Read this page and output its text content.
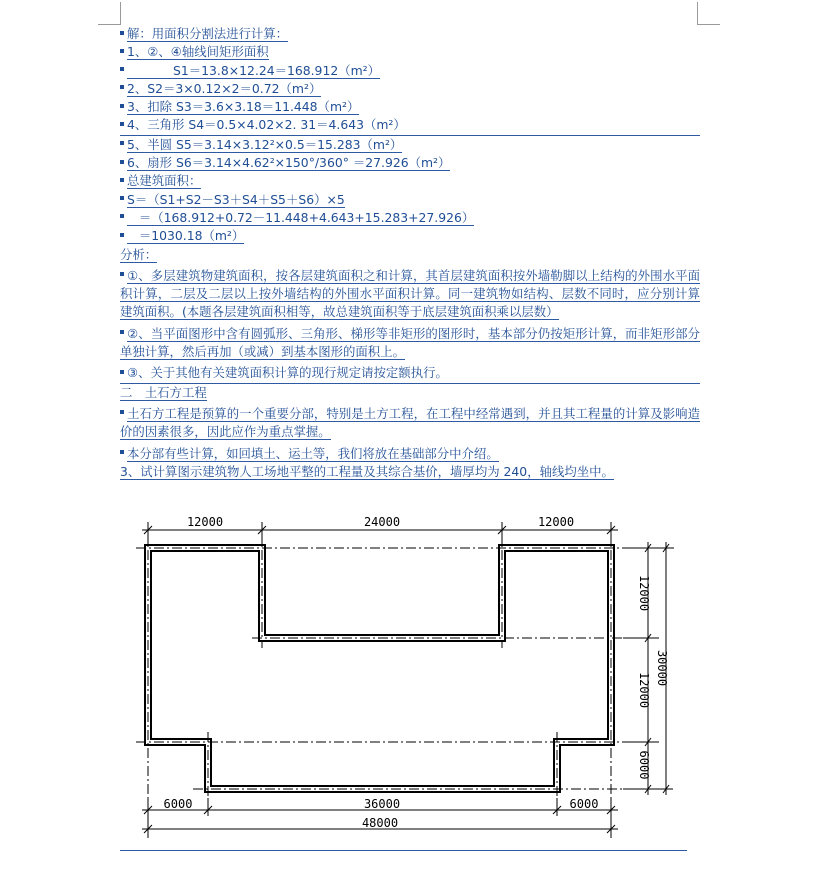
解：用面积分割法进行计算：
1、②、④轴线间矩形面积
S1＝13.8×12.24＝168.912（m²）
2、S2＝3×0.12×2＝0.72（m²）
3、扣除 S3＝3.6×3.18＝11.448（m²）
4、三角形 S4＝0.5×4.02×2. 31＝4.643（m²）
5、半圆 S5＝3.14×3.12²×0.5＝15.283（m²）
6、扇形 S6＝3.14×4.62²×150°/360° ＝27.926（m²）
总建筑面积：
S＝（S1+S2－S3＋S4＋S5＋S6）×5
＝（168.912+0.72－11.448+4.643+15.283+27.926）
＝1030.18（m²）
分析：
①、多层建筑物建筑面积，按各层建筑面积之和计算，其首层建筑面积按外墙勒脚以上结构的外围水平面积计算，二层及二层以上按外墙结构的外围水平面积计算。同一建筑物如结构、层数不同时，应分别计算建筑面积。(本题各层建筑面积相等，故总建筑面积等于底层建筑面积乘以层数）
②、当平面图形中含有圆弧形、三角形、梯形等非矩形的图形时，基本部分仍按矩形计算，而非矩形部分单独计算，然后再加（或减）到基本图形的面积上。
③、关于其他有关建筑面积计算的现行规定请按定额执行。
二　土石方工程
土石方工程是预算的一个重要分部，特别是土方工程，在工程中经常遇到，并且其工程量的计算及影响造价的因素很多，因此应作为重点掌握。
本分部有些计算，如回填土、运土等，我们将放在基础部分中介绍。
3、试计算图示建筑物人工场地平整的工程量及其综合基价，墙厚均为 240，轴线均坐中。
12000	24000	12000
12000
12000
6000
30000
6000	36000	6000
48000
